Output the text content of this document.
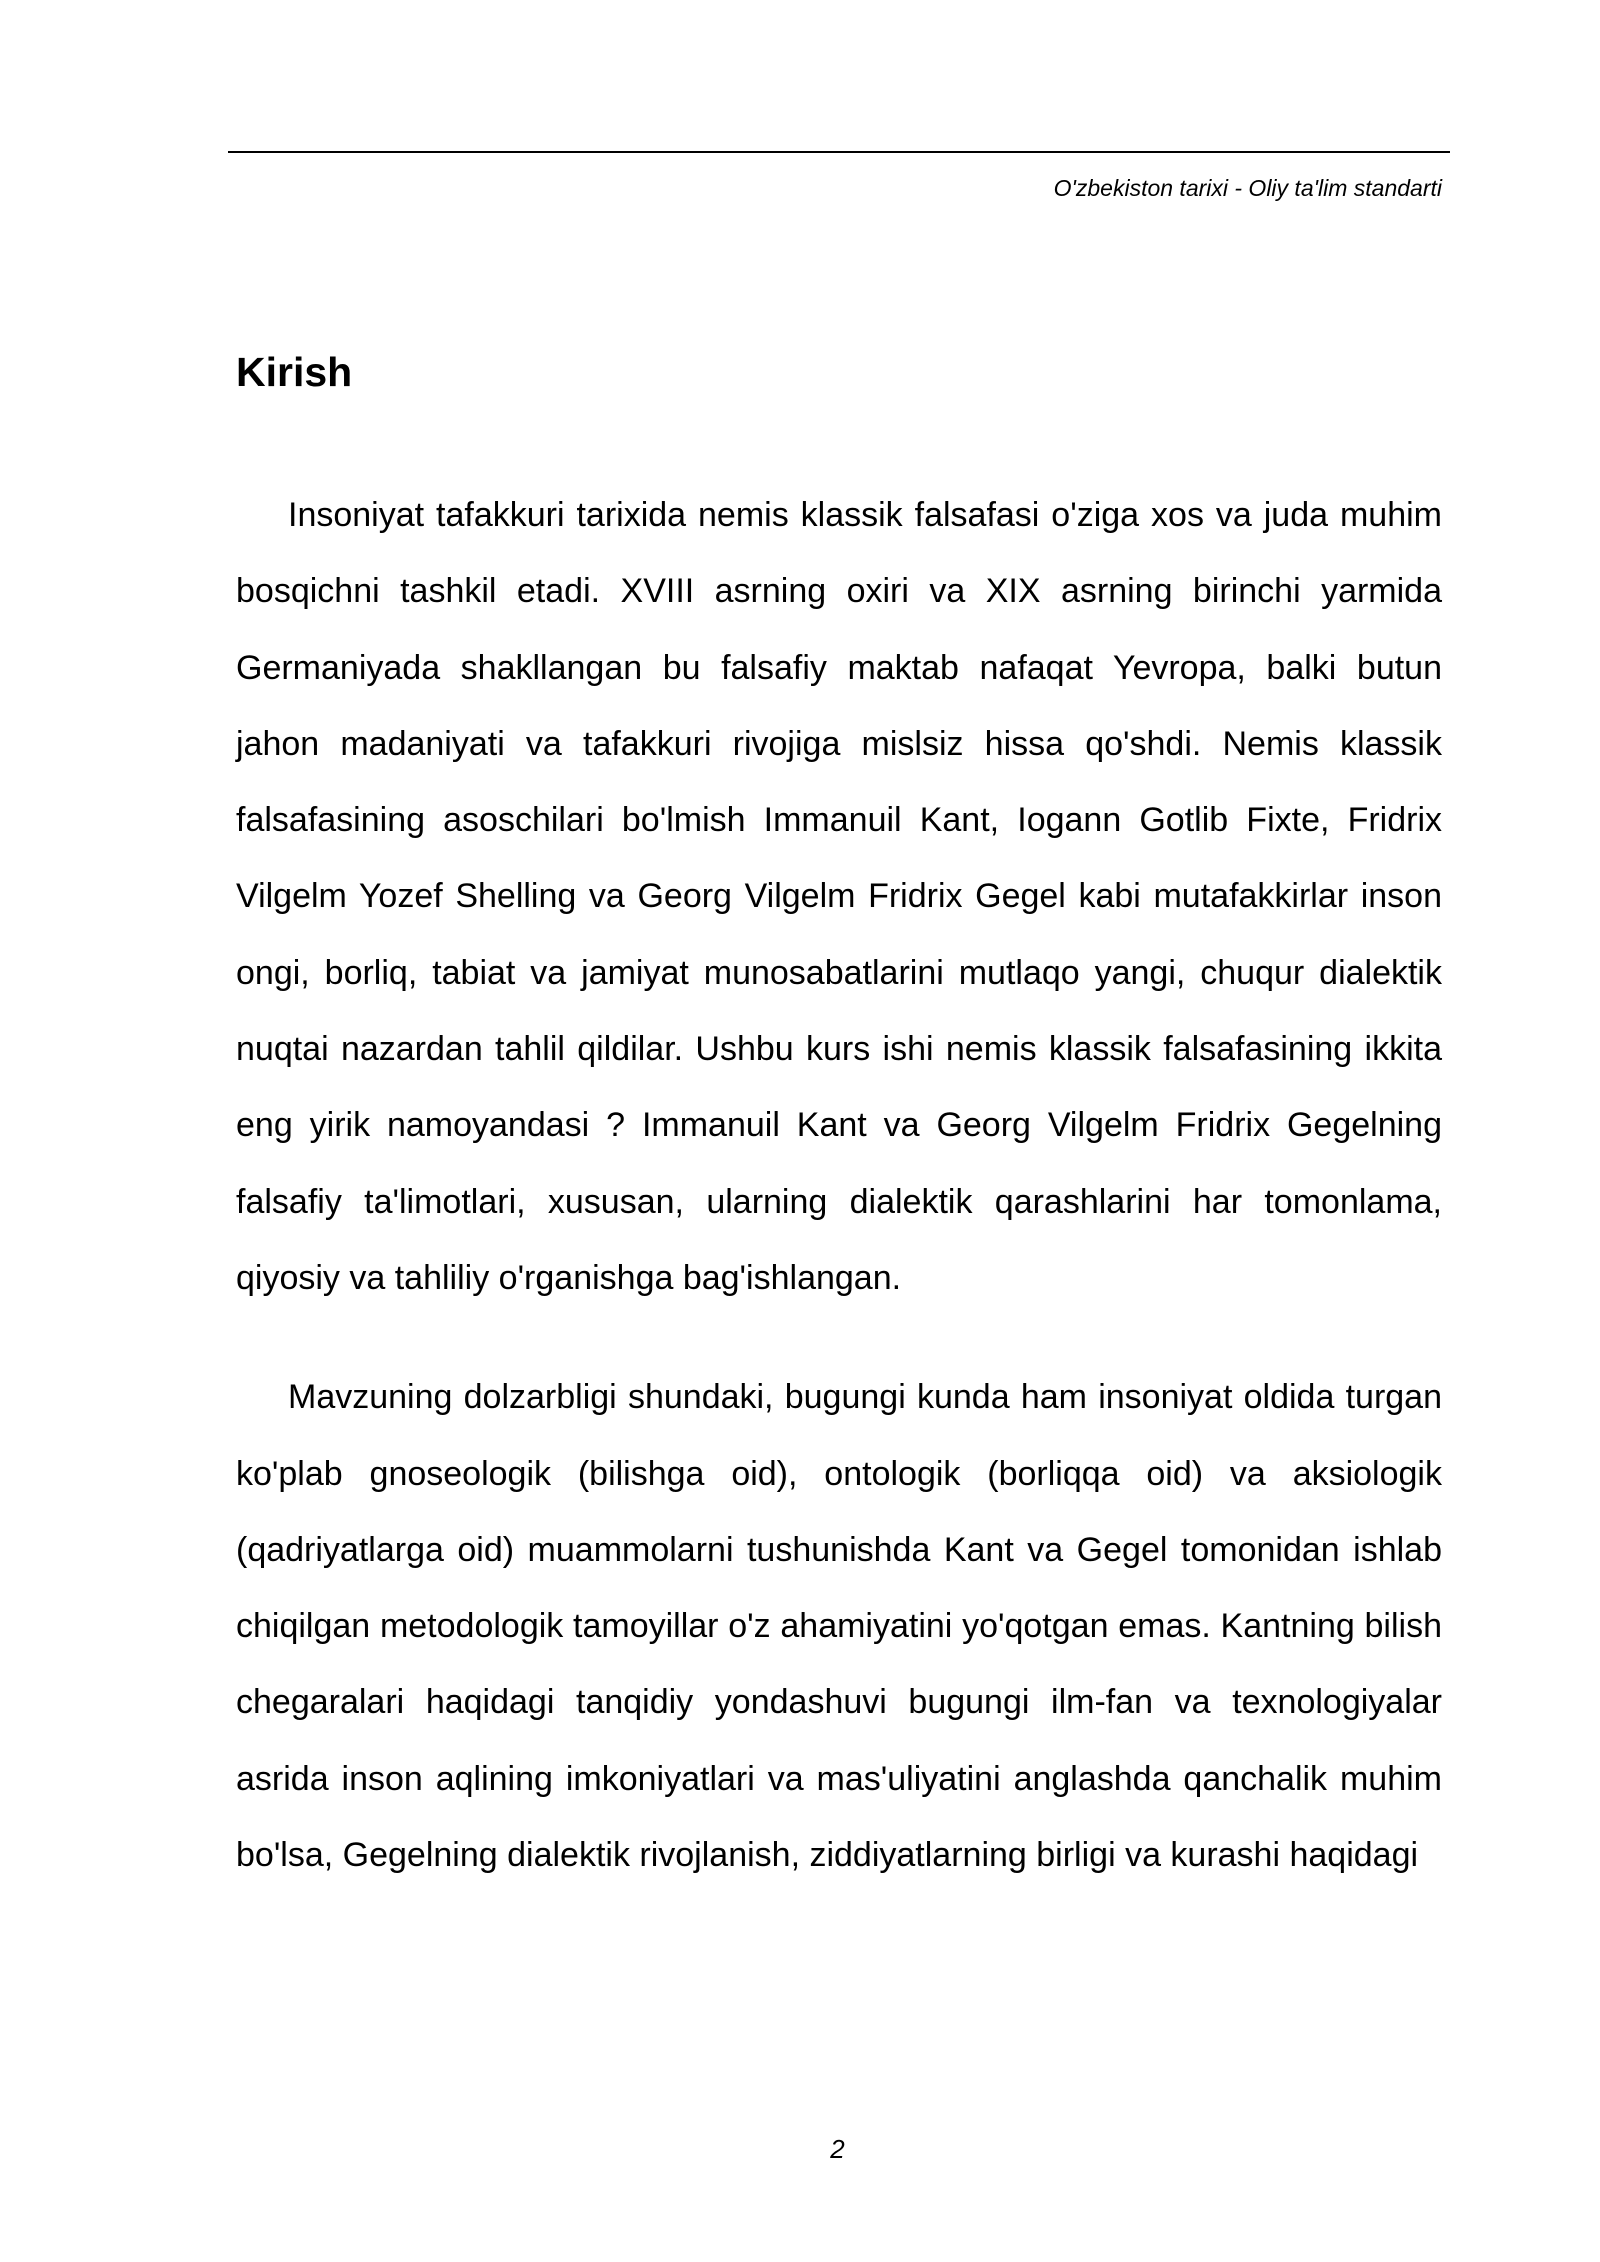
O'zbekiston tarixi - Oliy ta'lim standarti
Kirish

Insoniyat tafakkuri tarixida nemis klassik falsafasi o'ziga xos va juda muhim bosqichni tashkil etadi. XVIII asrning oxiri va XIX asrning birinchi yarmida Germaniyada shakllangan bu falsafiy maktab nafaqat Yevropa, balki butun jahon madaniyati va tafakkuri rivojiga mislsiz hissa qo'shdi. Nemis klassik falsafasining asoschilari bo'lmish Immanuil Kant, Iogann Gotlib Fixte, Fridrix Vilgelm Yozef Shelling va Georg Vilgelm Fridrix Gegel kabi mutafakkirlar inson ongi, borliq, tabiat va jamiyat munosabatlarini mutlaqo yangi, chuqur dialektik nuqtai nazardan tahlil qildilar. Ushbu kurs ishi nemis klassik falsafasining ikkita eng yirik namoyandasi ? Immanuil Kant va Georg Vilgelm Fridrix Gegelning falsafiy ta'limotlari, xususan, ularning dialektik qarashlarini har tomonlama, qiyosiy va tahliliy o'rganishga bag'ishlangan.

Mavzuning dolzarbligi shundaki, bugungi kunda ham insoniyat oldida turgan ko'plab gnoseologik (bilishga oid), ontologik (borliqqa oid) va aksiologik (qadriyatlarga oid) muammolarni tushunishda Kant va Gegel tomonidan ishlab chiqilgan metodologik tamoyillar o'z ahamiyatini yo'qotgan emas. Kantning bilish chegaralari haqidagi tanqidiy yondashuvi bugungi ilm-fan va texnologiyalar asrida inson aqlining imkoniyatlari va mas'uliyatini anglashda qanchalik muhim bo'lsa, Gegelning dialektik rivojlanish, ziddiyatlarning birligi va kurashi haqidagi

2
